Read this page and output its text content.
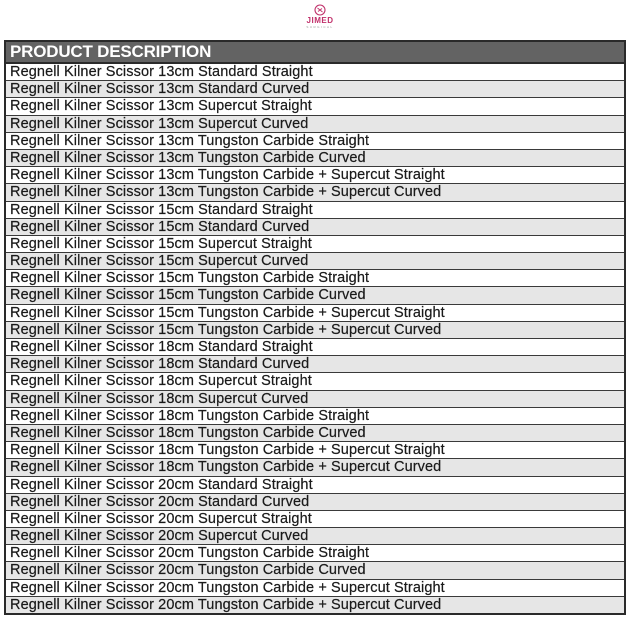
JIMED
SURGICAL
PRODUCT DESCRIPTION
Regnell Kilner Scissor 13cm Standard Straight
Regnell Kilner Scissor 13cm Standard Curved
Regnell Kilner Scissor 13cm Supercut Straight
Regnell Kilner Scissor 13cm Supercut Curved
Regnell Kilner Scissor 13cm Tungston Carbide Straight
Regnell Kilner Scissor 13cm Tungston Carbide Curved
Regnell Kilner Scissor 13cm Tungston Carbide + Supercut Straight
Regnell Kilner Scissor 13cm Tungston Carbide + Supercut Curved
Regnell Kilner Scissor 15cm Standard Straight
Regnell Kilner Scissor 15cm Standard Curved
Regnell Kilner Scissor 15cm Supercut Straight
Regnell Kilner Scissor 15cm Supercut Curved
Regnell Kilner Scissor 15cm Tungston Carbide Straight
Regnell Kilner Scissor 15cm Tungston Carbide Curved
Regnell Kilner Scissor 15cm Tungston Carbide + Supercut Straight
Regnell Kilner Scissor 15cm Tungston Carbide + Supercut Curved
Regnell Kilner Scissor 18cm Standard Straight
Regnell Kilner Scissor 18cm Standard Curved
Regnell Kilner Scissor 18cm Supercut Straight
Regnell Kilner Scissor 18cm Supercut Curved
Regnell Kilner Scissor 18cm Tungston Carbide Straight
Regnell Kilner Scissor 18cm Tungston Carbide Curved
Regnell Kilner Scissor 18cm Tungston Carbide + Supercut Straight
Regnell Kilner Scissor 18cm Tungston Carbide + Supercut Curved
Regnell Kilner Scissor 20cm Standard Straight
Regnell Kilner Scissor 20cm Standard Curved
Regnell Kilner Scissor 20cm Supercut Straight
Regnell Kilner Scissor 20cm Supercut Curved
Regnell Kilner Scissor 20cm Tungston Carbide Straight
Regnell Kilner Scissor 20cm Tungston Carbide Curved
Regnell Kilner Scissor 20cm Tungston Carbide + Supercut Straight
Regnell Kilner Scissor 20cm Tungston Carbide + Supercut Curved
